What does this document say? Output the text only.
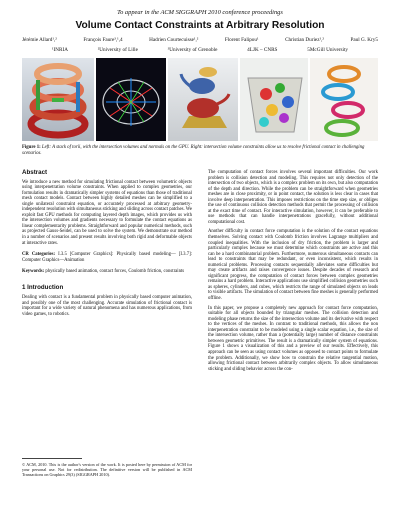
To appear in the ACM SIGGRAPH 2010 conference proceedings
Volume Contact Constraints at Arbitrary Resolution
Jérémie Allard¹,²	François Faure³,¹,4	Hadrien Courtecuisse¹,²	Florent Falipou¹	Christian Duriez¹,²	Paul G. Kry5
¹INRIA	²University of Lille	³University of Grenoble	4LJK – CNRS	5McGill University
Figure 1: Left: A stack of torii, with the intersection volumes and normals on the GPU. Right: intersection volume constraints allow us to resolve frictional contact in challenging scenarios.
Abstract
We introduce a new method for simulating frictional contact between volumetric objects using interpenetration volume constraints. When applied to complex geometries, our formulation results in dramatically simpler systems of equations than those of traditional mesh contact models. Contact between highly detailed meshes can be simplified to a single unilateral constraint equation, or accurately processed at arbitrary geometry-independent resolution with simultaneous sticking and sliding across contact patches. We exploit fast GPU methods for computing layered depth images, which provides us with the intersection volumes and gradients necessary to formulate the contact equations as linear complementarity problems. Straightforward and popular numerical methods, such as projected Gauss-Seidel, can be used to solve the system. We demonstrate our method in a number of scenarios and present results involving both rigid and deformable objects at interactive rates.
CR Categories: I.3.5 [Computer Graphics]: Physically based modeling— [I.3.7]: Computer Graphics—Animation
Keywords: physically based animation, contact forces, Coulomb friction, constraints
1 Introduction
Dealing with contact is a fundamental problem in physically based computer animation, and possibly one of the most challenging. Accurate simulation of frictional contact is important for a wide variety of natural phenomena and has numerous applications, from video games, to robotics.
© ACM, 2010. This is the author's version of the work. It is posted here by permission of ACM for your personal use. Not for redistribution. The definitive version will be published in ACM Transactions on Graphics 29(3) (SIGGRAPH 2010).

The computation of contact forces involves several important difficulties. Our work problem is collision detection and modeling. This requires not only detection of the intersection of two objects, which is a complex problem on its own, but also computation of the depth and direction. While the problem can be straightforward when geometries meshes are in close proximity, or in point contact, the solution is less clear in cases that involve deep interpenetration. This imposes restrictions on the time step size, or obliges the use of continuous collision detection methods that permit the processing of collision at the exact time of contact. For interactive simulation, however, it can be preferable to use methods that can handle interpenetrations gracefully, without additional computational cost.

Another difficulty in contact force computation is the solution of the contact equations themselves. Solving contact with Coulomb friction involves Lagrange multipliers and coupled inequalities. With the inclusion of dry friction, the problem is larger and particularly complex because we must determine which constraints are active and this can be a hard combinatorial problem. Furthermore, numerous simultaneous contacts can lead to constraints that may be redundant, or even inconsistent, which results in numerical problems. Processing contacts sequentially alleviates some difficulties but may create artifacts and raises convergence issues. Despite decades of research and significant progress, the computation of contact forces between complex geometries remains a hard problem. Interactive applications use simplified collision geometries such as spheres, cylinders, and cubes, which restricts the range of simulated objects on leads to visible artifacts. The simulation of contact between fine meshes is generally performed offline.

In this paper, we propose a completely new approach for contact force computation, suitable for all objects bounded by triangular meshes. The collision detection and modeling phase returns the size of the intersection volume and its derivative with respect to the vertices of the meshes. In contrast to traditional methods, this allows the non interpenetration constraint to be modeled using a single scalar equation, i.e., the size of the intersection volume, rather than a (potentially large) number of distance constraints between geometric primitives. The result is a dramatically simpler system of equations. Figure 1 shows a visualization of this and a preview of our results. Effectively, this approach can be seen as using contact volumes as opposed to contact points to formulate the problem. Additionally, we show how to constrain the relative tangential motion, allowing frictional contact between arbitrarily complex objects. To allow simultaneous sticking and sliding behavior across the con-
